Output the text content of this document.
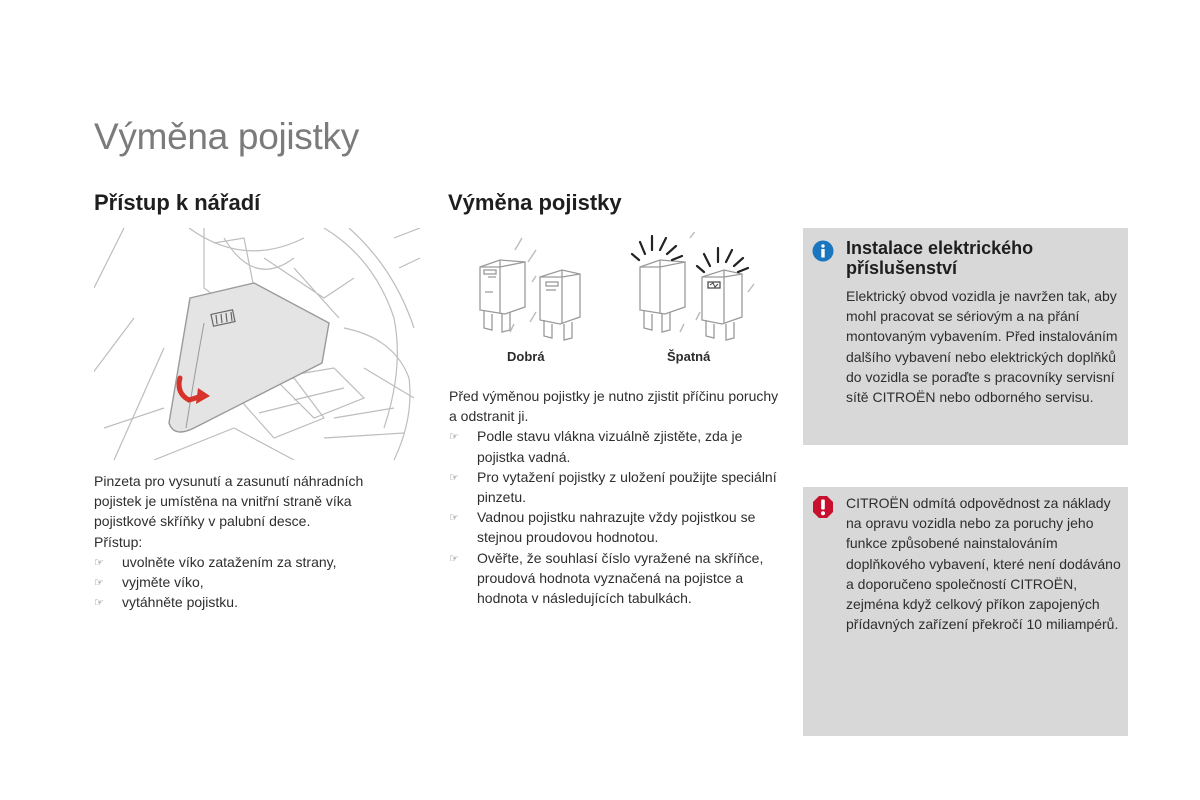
Výměna pojistky
Přístup k nářadí

Pinzeta pro vysunutí a zasunutí náhradních pojistek je umístěna na vnitřní straně víka pojistkové skříňky v palubní desce.

Přístup:

☞ uvolněte víko zatažením za strany,
☞ vyjměte víko,
☞ vytáhněte pojistku.
Výměna pojistky
Dobrá	Špatná

Před výměnou pojistky je nutno zjistit příčinu poruchy a odstranit ji.

☞ Podle stavu vlákna vizuálně zjistěte, zda je pojistka vadná.
☞ Pro vytažení pojistky z uložení použijte speciální pinzetu.
☞ Vadnou pojistku nahrazujte vždy pojistkou se stejnou proudovou hodnotou.
☞ Ověřte, že souhlasí číslo vyražené na skříňce, proudová hodnota vyznačená na pojistce a hodnota v následujících tabulkách.
Instalace elektrického
příslušenství
Elektrický obvod vozidla je navržen tak, aby mohl pracovat se sériovým a na přání montovaným vybavením. Před instalováním dalšího vybavení nebo elektrických doplňků do vozidla se poraďte s pracovníky servisní sítě CITROËN nebo odborného servisu.
CITROËN odmítá odpovědnost za náklady na opravu vozidla nebo za poruchy jeho funkce způsobené nainstalováním doplňkového vybavení, které není dodáváno a doporučeno společností CITROËN, zejména když celkový příkon zapojených přídavných zařízení překročí 10 miliampérů.
